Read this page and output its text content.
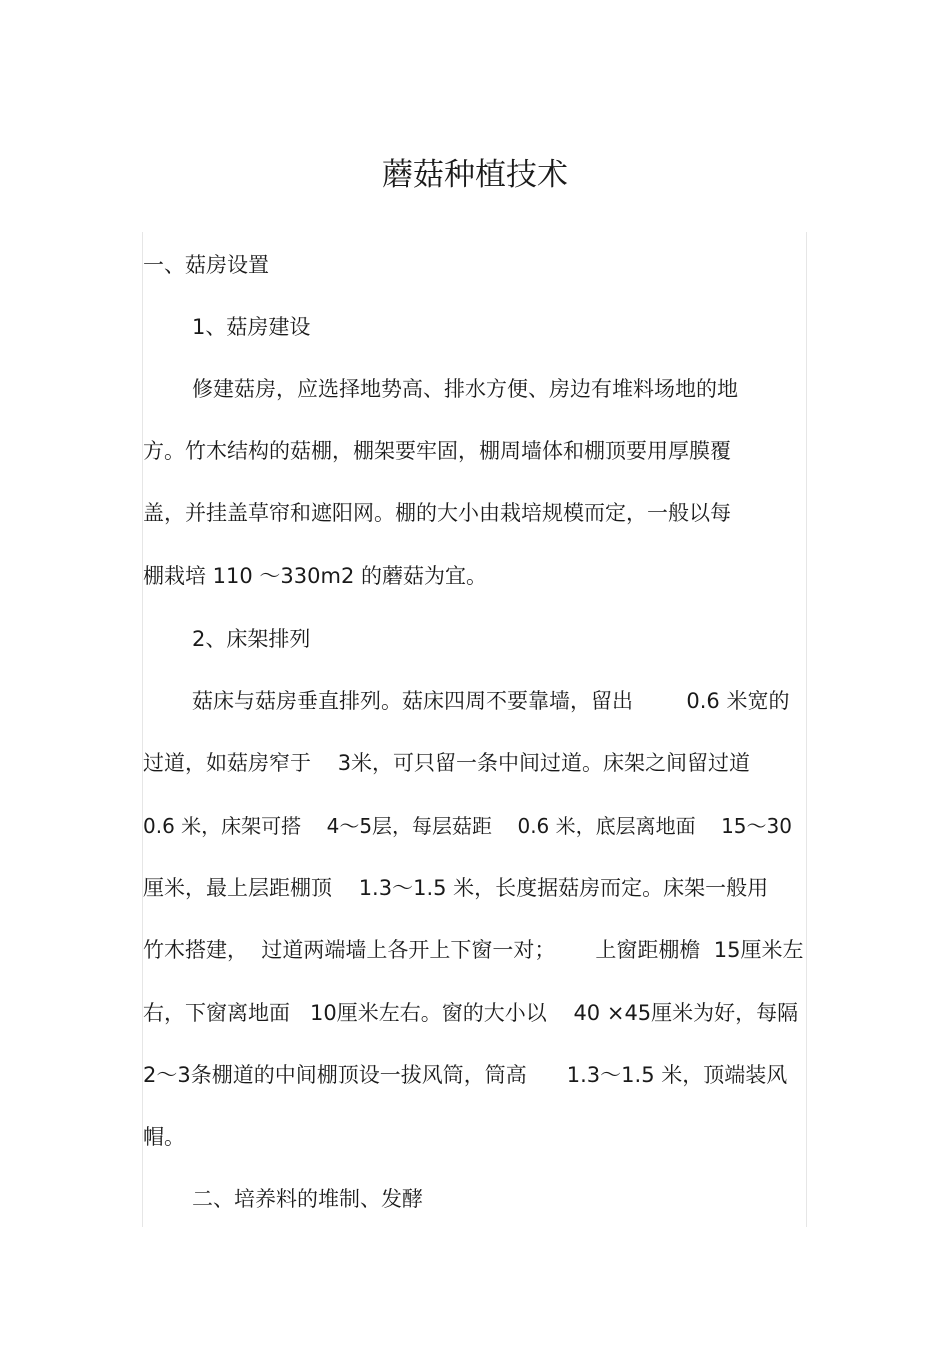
蘑菇种植技术
一、菇房设置
1、菇房建设
修建菇房，应选择地势高、排水方便、房边有堆料场地的地
方。竹木结构的菇棚，棚架要牢固，棚周墙体和棚顶要用厚膜覆
盖，并挂盖草帘和遮阳网。棚的大小由栽培规模而定，一般以每
棚栽培 110 ～330m2 的蘑菇为宜。
2、床架排列
菇床与菇房垂直排列。菇床四周不要靠墙，留出        0.6 米宽的
过道，如菇房窄于    3米，可只留一条中间过道。床架之间留过道
0.6 米，床架可搭    4～5层，每层菇距    0.6 米，底层离地面    15～30
厘米，最上层距棚顶    1.3～1.5 米，长度据菇房而定。床架一般用
竹木搭建，  过道两端墙上各开上下窗一对；      上窗距棚檐  15厘米左
右，下窗离地面   10厘米左右。窗的大小以    40 ×45厘米为好，每隔
2～3条棚道的中间棚顶设一拔风筒，筒高      1.3～1.5 米，顶端装风
帽。
二、培养料的堆制、发酵
